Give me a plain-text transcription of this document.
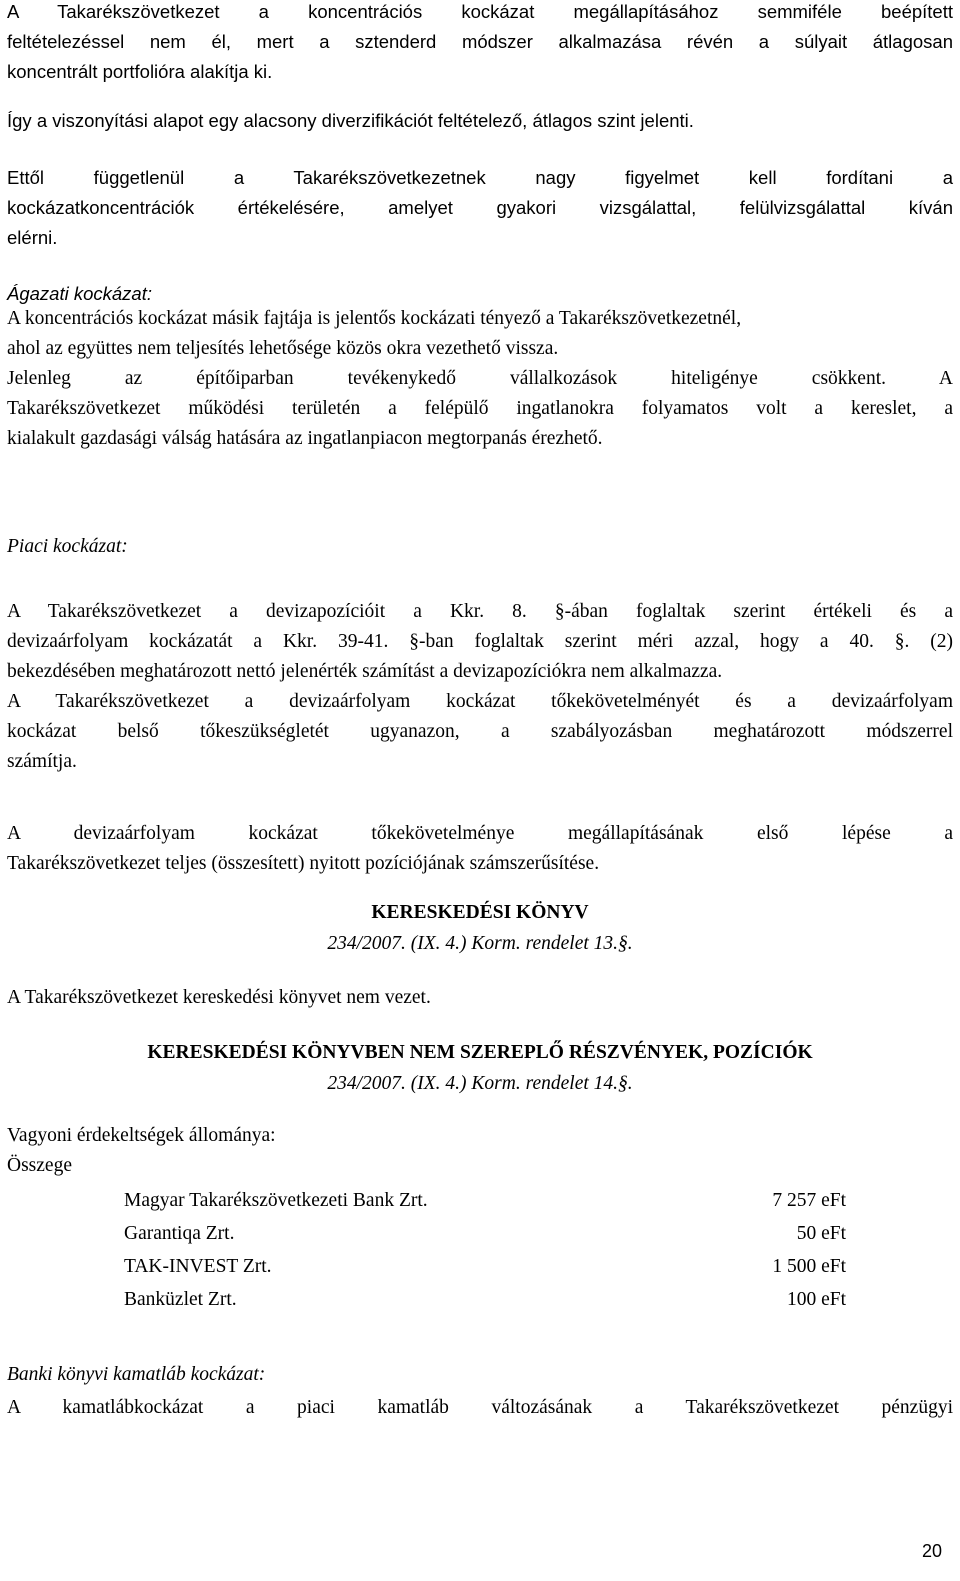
A Takarékszövetkezet a koncentrációs kockázat megállapításához semmiféle beépített
feltételezéssel nem él, mert a sztenderd módszer alkalmazása révén a súlyait átlagosan
koncentrált portfolióra alakítja ki.
Így a viszonyítási alapot egy alacsony diverzifikációt feltételező, átlagos szint jelenti.
Ettől függetlenül a Takarékszövetkezetnek nagy figyelmet kell fordítani a
kockázatkoncentrációk értékelésére, amelyet gyakori vizsgálattal, felülvizsgálattal kíván
elérni.
Ágazati kockázat:
A koncentrációs kockázat másik fajtája is jelentős kockázati tényező a Takarékszövetkezetnél,
ahol az együttes nem teljesítés lehetősége közös okra vezethető vissza.
Jelenleg az építőiparban tevékenykedő vállalkozások hiteligénye csökkent. A
Takarékszövetkezet működési területén a felépülő ingatlanokra folyamatos volt a kereslet, a
kialakult gazdasági válság hatására az ingatlanpiacon megtorpanás érezhető.
Piaci kockázat:
A Takarékszövetkezet a devizapozícióit a Kkr. 8. §-ában foglaltak szerint értékeli és a
devizaárfolyam kockázatát a Kkr. 39-41. §-ban foglaltak szerint méri azzal, hogy a 40. §. (2)
bekezdésében meghatározott nettó jelenérték számítást a devizapozíciókra nem alkalmazza.
A Takarékszövetkezet a devizaárfolyam kockázat tőkekövetelményét és a devizaárfolyam
kockázat belső tőkeszükségletét ugyanazon, a szabályozásban meghatározott módszerrel
számítja.
A devizaárfolyam kockázat tőkekövetelménye megállapításának első lépése a
Takarékszövetkezet teljes (összesített) nyitott pozíciójának számszerűsítése.
KERESKEDÉSI KÖNYV
234/2007. (IX. 4.) Korm. rendelet 13.§.
A Takarékszövetkezet kereskedési könyvet nem vezet.
KERESKEDÉSI KÖNYVBEN NEM SZEREPLŐ RÉSZVÉNYEK, POZÍCIÓK
234/2007. (IX. 4.) Korm. rendelet 14.§.
Vagyoni érdekeltségek állománya:
Összege
Magyar Takarékszövetkezeti Bank Zrt.	7 257 eFt
Garantiqa Zrt.	50 eFt
TAK-INVEST Zrt.	1 500 eFt
Banküzlet Zrt.	100 eFt
Banki könyvi kamatláb kockázat:
A kamatlábkockázat a piaci kamatláb változásának a Takarékszövetkezet pénzügyi
20
